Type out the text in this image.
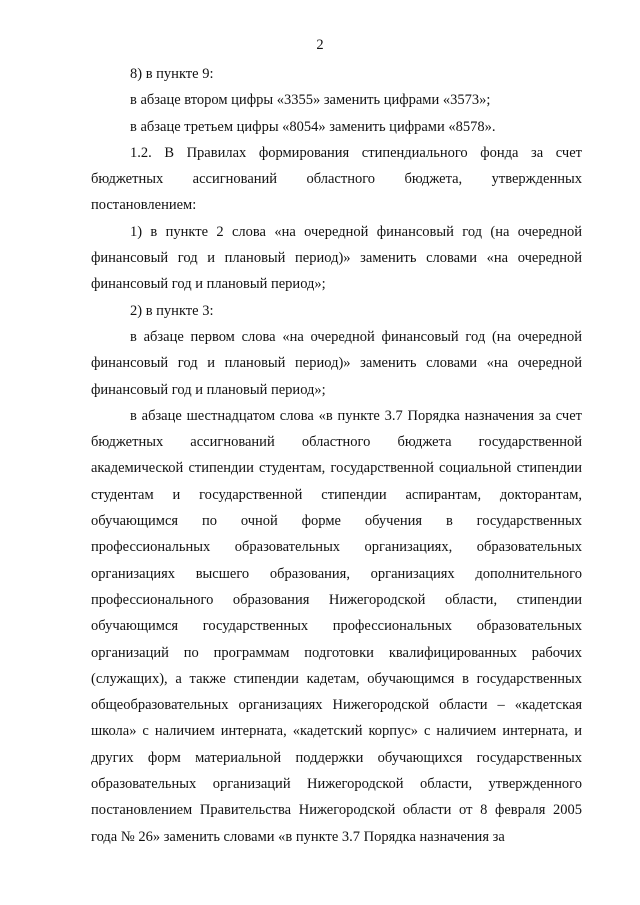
2

8) в пункте 9:

в абзаце втором цифры «3355» заменить цифрами «3573»;

в абзаце третьем цифры «8054» заменить цифрами «8578».

1.2. В Правилах формирования стипендиального фонда за счет бюджетных ассигнований областного бюджета, утвержденных постановлением:

1) в пункте 2 слова «на очередной финансовый год (на очередной финансовый год и плановый период)» заменить словами «на очередной финансовый год и плановый период»;

2) в пункте 3:

в абзаце первом слова «на очередной финансовый год (на очередной финансовый год и плановый период)» заменить словами «на очередной финансовый год и плановый период»;

в абзаце шестнадцатом слова «в пункте 3.7 Порядка назначения за счет бюджетных ассигнований областного бюджета государственной академической стипендии студентам, государственной социальной стипендии студентам и государственной стипендии аспирантам, докторантам, обучающимся по очной форме обучения в государственных профессиональных образовательных организациях, образовательных организациях высшего образования, организациях дополнительного профессионального образования Нижегородской области, стипендии обучающимся государственных профессиональных образовательных организаций по программам подготовки квалифицированных рабочих (служащих), а также стипендии кадетам, обучающимся в государственных общеобразовательных организациях Нижегородской области – «кадетская школа» с наличием интерната, «кадетский корпус» с наличием интерната, и других форм материальной поддержки обучающихся государственных образовательных организаций Нижегородской области, утвержденного постановлением Правительства Нижегородской области от 8 февраля 2005 года № 26» заменить словами «в пункте 3.7 Порядка назначения за
